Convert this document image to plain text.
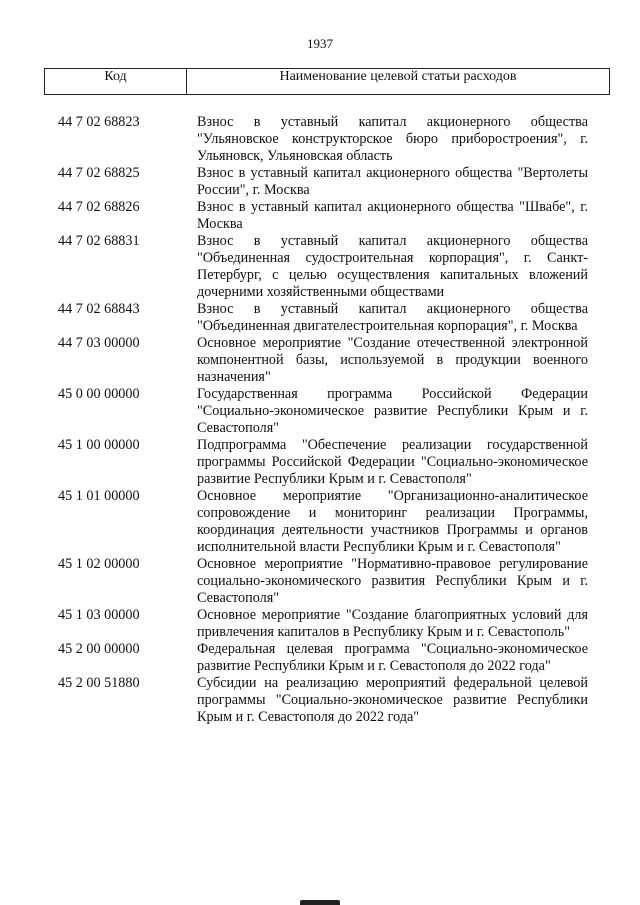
1937
Код	Наименование целевой статьи расходов
44 7 02 68823	Взнос в уставный капитал акционерного общества "Ульяновское конструкторское бюро приборостроения", г. Ульяновск, Ульяновская область
44 7 02 68825	Взнос в уставный капитал акционерного общества "Вертолеты России", г. Москва
44 7 02 68826	Взнос в уставный капитал акционерного общества "Швабе", г. Москва
44 7 02 68831	Взнос в уставный капитал акционерного общества "Объединенная судостроительная корпорация", г. Санкт-Петербург, с целью осуществления капитальных вложений дочерними хозяйственными обществами
44 7 02 68843	Взнос в уставный капитал акционерного общества "Объединенная двигателестроительная корпорация", г. Москва
44 7 03 00000	Основное мероприятие "Создание отечественной электронной компонентной базы, используемой в продукции военного назначения"
45 0 00 00000	Государственная программа Российской Федерации "Социально-экономическое развитие Республики Крым и г. Севастополя"
45 1 00 00000	Подпрограмма "Обеспечение реализации государственной программы Российской Федерации "Социально-экономическое развитие Республики Крым и г. Севастополя"
45 1 01 00000	Основное мероприятие "Организационно-аналитическое сопровождение и мониторинг реализации Программы, координация деятельности участников Программы и органов исполнительной власти Республики Крым и г. Севастополя"
45 1 02 00000	Основное мероприятие "Нормативно-правовое регулирование социально-экономического развития Республики Крым и г. Севастополя"
45 1 03 00000	Основное мероприятие "Создание благоприятных условий для привлечения капиталов в Республику Крым и г. Севастополь"
45 2 00 00000	Федеральная целевая программа "Социально-экономическое развитие Республики Крым и г. Севастополя до 2022 года"
45 2 00 51880	Субсидии на реализацию мероприятий федеральной целевой программы "Социально-экономическое развитие Республики Крым и г. Севастополя до 2022 года"
